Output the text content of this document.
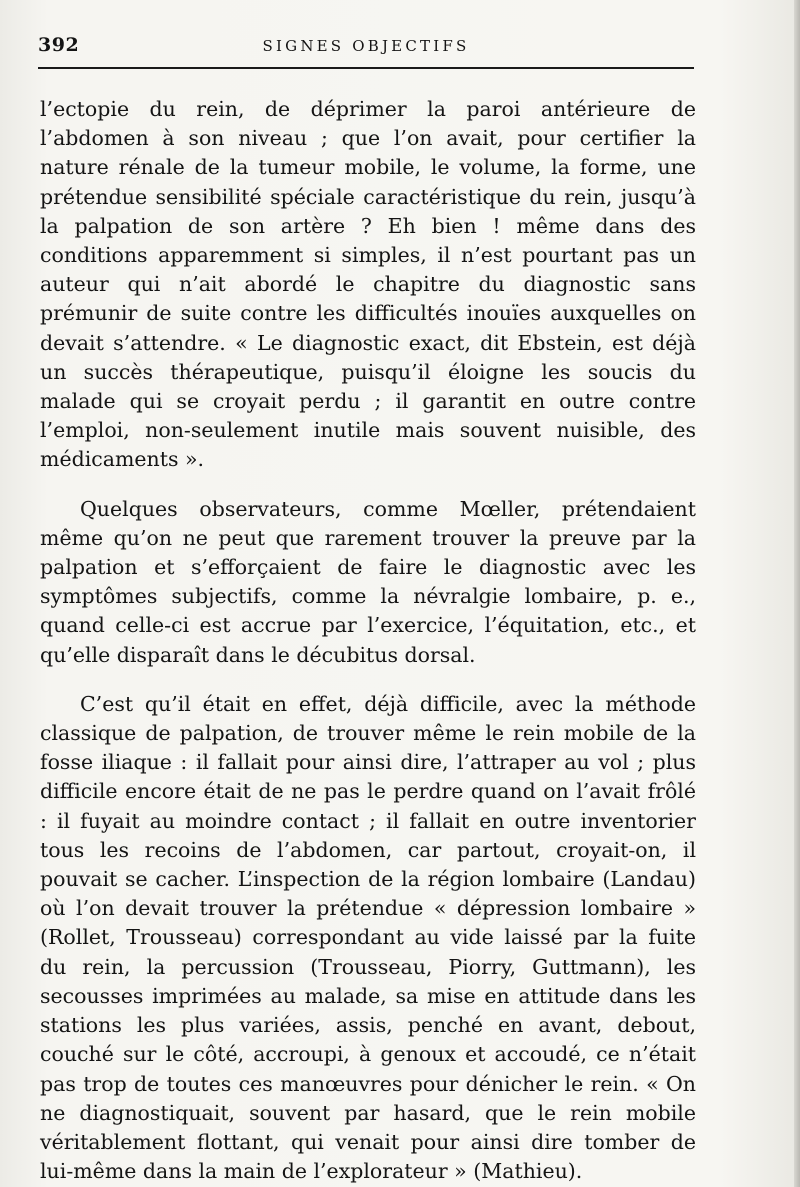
392	SIGNES OBJECTIFS

l’ectopie du rein, de déprimer la paroi antérieure de l’abdomen à son niveau ; que l’on avait, pour certifier la nature rénale de la tumeur mobile, le volume, la forme, une prétendue sensibilité spéciale caractéristique du rein, jusqu’à la palpation de son artère ? Eh bien ! même dans des conditions apparemment si simples, il n’est pourtant pas un auteur qui n’ait abordé le chapitre du diagnostic sans prémunir de suite contre les difficultés inouïes auxquelles on devait s’attendre. « Le diagnostic exact, dit Ebstein, est déjà un succès thérapeutique, puisqu’il éloigne les soucis du malade qui se croyait perdu ; il garantit en outre contre l’emploi, non-seulement inutile mais souvent nuisible, des médicaments ».

Quelques observateurs, comme Mœller, prétendaient même qu’on ne peut que rarement trouver la preuve par la palpation et s’efforçaient de faire le diagnostic avec les symptômes subjectifs, comme la névralgie lombaire, p. e., quand celle-ci est accrue par l’exercice, l’équitation, etc., et qu’elle disparaît dans le décubitus dorsal.

C’est qu’il était en effet, déjà difficile, avec la méthode classique de palpation, de trouver même le rein mobile de la fosse iliaque : il fallait pour ainsi dire, l’attraper au vol ; plus difficile encore était de ne pas le perdre quand on l’avait frôlé : il fuyait au moindre contact ; il fallait en outre inventorier tous les recoins de l’abdomen, car partout, croyait-on, il pouvait se cacher. L’inspection de la région lombaire (Landau) où l’on devait trouver la prétendue « dépression lombaire » (Rollet, Trousseau) correspondant au vide laissé par la fuite du rein, la percussion (Trousseau, Piorry, Guttmann), les secousses imprimées au malade, sa mise en attitude dans les stations les plus variées, assis, penché en avant, debout, couché sur le côté, accroupi, à genoux et accoudé, ce n’était pas trop de toutes ces manœuvres pour dénicher le rein. « On ne diagnostiquait, souvent par hasard, que le rein mobile véritablement flottant, qui venait pour ainsi dire tomber de lui-même dans la main de l’explorateur » (Mathieu).
